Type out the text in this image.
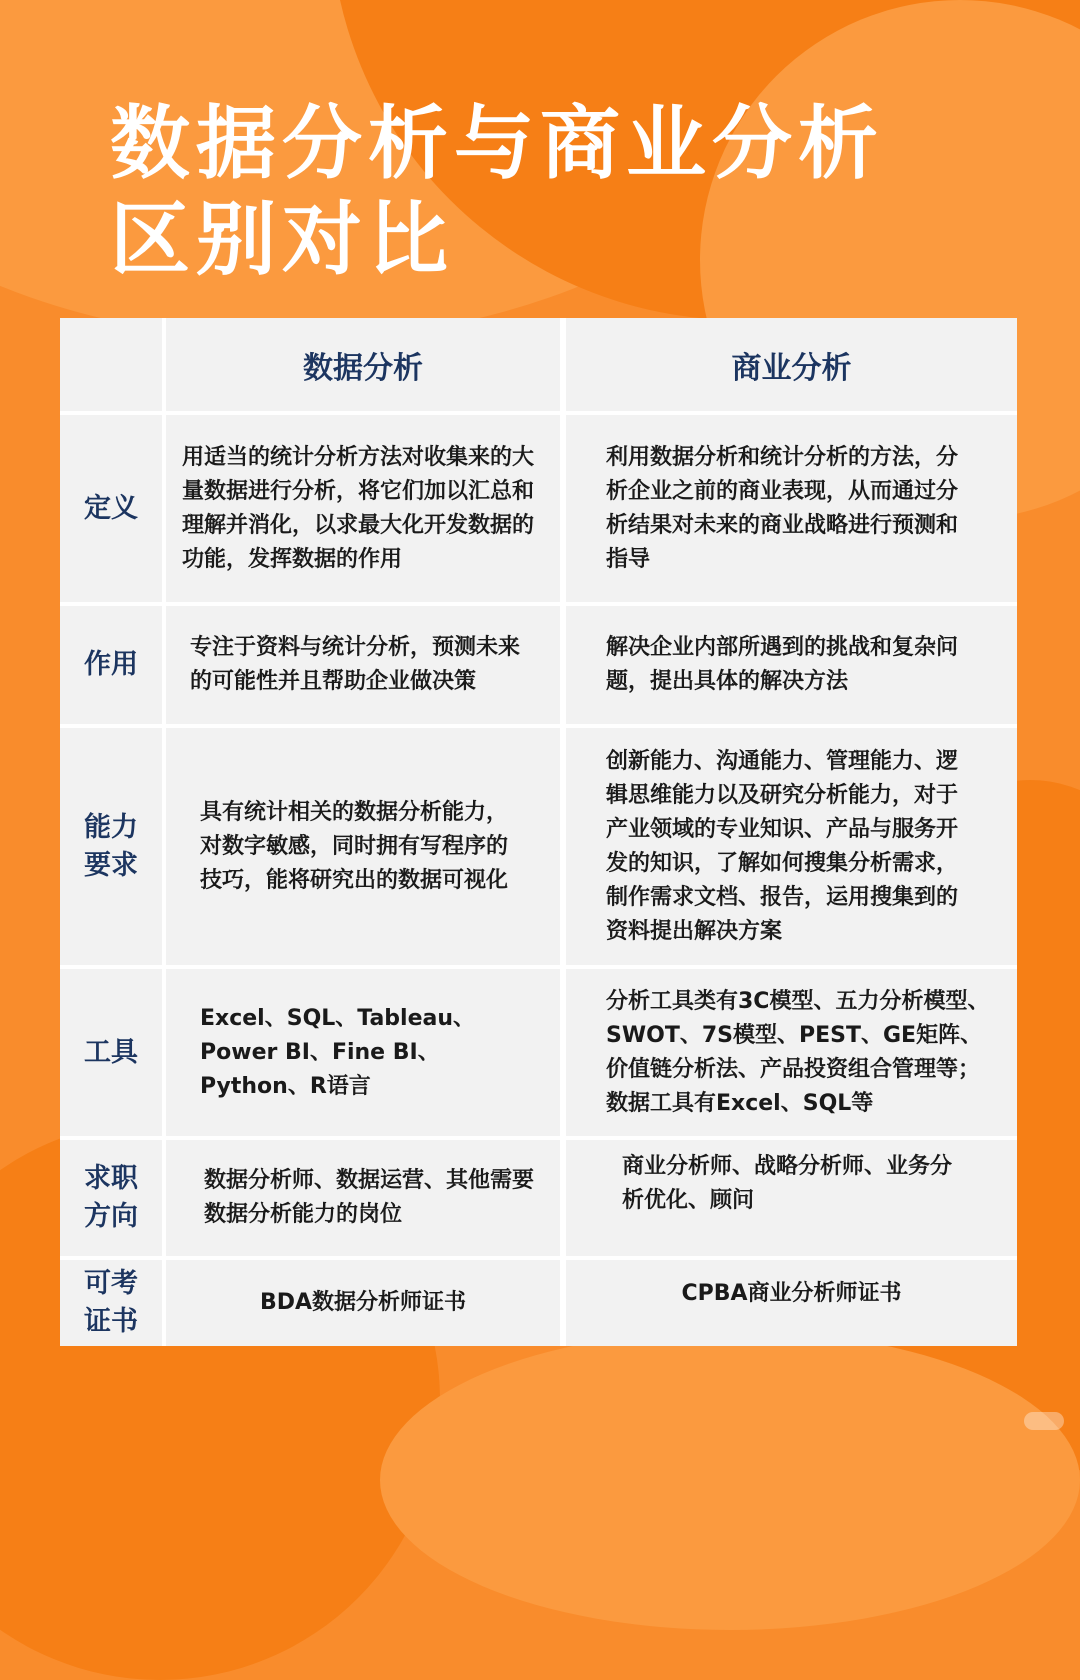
数据分析与商业分析
区别对比
数据分析	商业分析
定义
用适当的统计分析方法对收集来的大量数据进行分析，将它们加以汇总和理解并消化，以求最大化开发数据的功能，发挥数据的作用
利用数据分析和统计分析的方法，分析企业之前的商业表现，从而通过分析结果对未来的商业战略进行预测和指导
作用
专注于资料与统计分析，预测未来的可能性并且帮助企业做决策
解决企业内部所遇到的挑战和复杂问题，提出具体的解决方法
能力
要求
具有统计相关的数据分析能力，对数字敏感，同时拥有写程序的技巧，能将研究出的数据可视化
创新能力、沟通能力、管理能力、逻辑思维能力以及研究分析能力，对于产业领域的专业知识、产品与服务开发的知识，了解如何搜集分析需求，制作需求文档、报告，运用搜集到的资料提出解决方案
工具
Excel、SQL、Tableau、Power BI、Fine BI、Python、R语言
分析工具类有3C模型、五力分析模型、SWOT、7S模型、PEST、GE矩阵、价值链分析法、产品投资组合管理等；数据工具有Excel、SQL等
求职
方向
数据分析师、数据运营、其他需要数据分析能力的岗位
商业分析师、战略分析师、业务分析优化、顾问
可考
证书
BDA数据分析师证书	CPBA商业分析师证书
